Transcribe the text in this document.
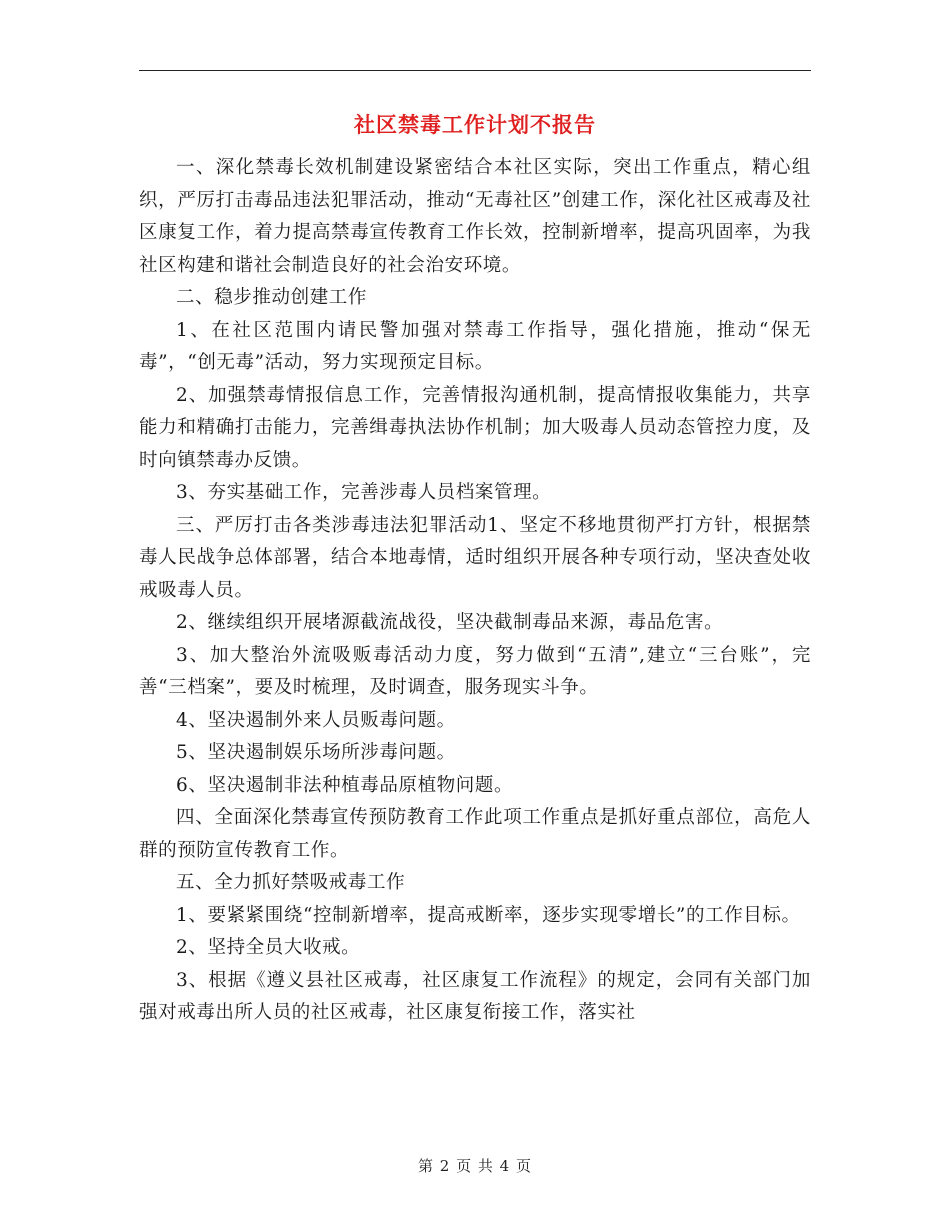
社区禁毒工作计划不报告

一、深化禁毒长效机制建设紧密结合本社区实际，突出工作重点，精心组织，严厉打击毒品违法犯罪活动，推动“无毒社区”创建工作，深化社区戒毒及社区康复工作，着力提高禁毒宣传教育工作长效，控制新增率，提高巩固率，为我社区构建和谐社会制造良好的社会治安环境。

二、稳步推动创建工作

1、在社区范围内请民警加强对禁毒工作指导，强化措施，推动“保无毒”，“创无毒”活动，努力实现预定目标。

2、加强禁毒情报信息工作，完善情报沟通机制，提高情报收集能力，共享能力和精确打击能力，完善缉毒执法协作机制；加大吸毒人员动态管控力度，及时向镇禁毒办反馈。

3、夯实基础工作，完善涉毒人员档案管理。

三、严厉打击各类涉毒违法犯罪活动1、坚定不移地贯彻严打方针，根据禁毒人民战争总体部署，结合本地毒情，适时组织开展各种专项行动，坚决查处收戒吸毒人员。

2、继续组织开展堵源截流战役，坚决截制毒品来源，毒品危害。

3、加大整治外流吸贩毒活动力度，努力做到“五清”,建立“三台账”，完善“三档案”，要及时梳理，及时调查，服务现实斗争。

4、坚决遏制外来人员贩毒问题。

5、坚决遏制娱乐场所涉毒问题。

6、坚决遏制非法种植毒品原植物问题。

四、全面深化禁毒宣传预防教育工作此项工作重点是抓好重点部位，高危人群的预防宣传教育工作。

五、全力抓好禁吸戒毒工作

1、要紧紧围绕“控制新增率，提高戒断率，逐步实现零增长”的工作目标。

2、坚持全员大收戒。

3、根据《遵义县社区戒毒，社区康复工作流程》的规定，会同有关部门加强对戒毒出所人员的社区戒毒，社区康复衔接工作，落实社

第 2 页 共 4 页
